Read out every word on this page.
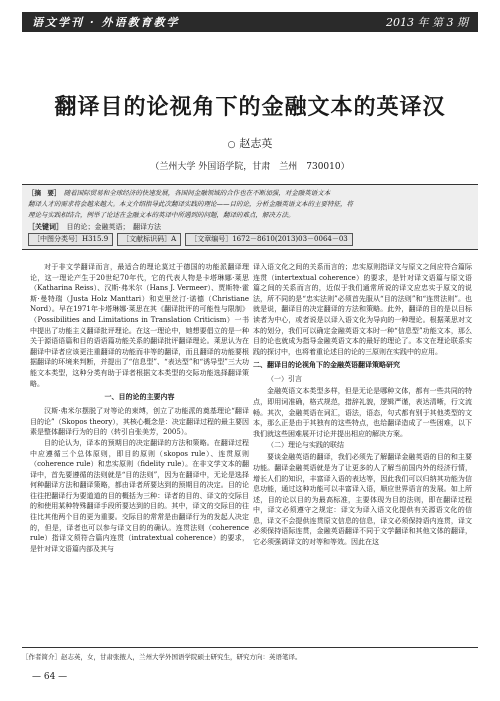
语文学刊 · 外语教育教学	2013 年 第 3 期
翻译目的论视角下的金融文本的英译汉
○ 赵志英
（兰州大学 外国语学院，甘肃　兰州　730010）
［摘　要］　 随着国际贸易和全球经济的快速发展，各国间金融领域的合作也在不断加强，对金融英语文本
翻译人才的需求将会越来越大。本文介绍指导此次翻译实践的理论——目的论，分析金融英语文本的主要特征，将
理论与实践相结合，例举了论述在金融文本的英译中所遇到的问题，翻译的难点，解决方法。
［关键词］　 目的论；金融英语；　翻译方法
［中图分类号］H315.9	［文献标识码］A	［文章编号］1672－8610(2013)03－0064－03

对于非文学翻译而言，最适合的理论莫过于德国的功能派翻译理论，这一理论产生于20世纪70年代，它的代表人物是卡塔琳娜·莱思（Katharina Reiss）、汉斯·弗米尔（Hans J. Vermeer）、贾斯特·霍斯·曼特瑞（Justa Holz Manttari）和克里丝汀·诺德（Christiane Nord）。早在1971年卡塔琳娜·莱思在其《翻译批评的可能性与限制》（Possibilities and Limitations in Translation Criticism）一书中提出了功能主义翻译批评理论。在这一理论中，她想要倡立的是一种关于源语语篇和目的语语篇功能关系的翻译批评翻译理论。莱思认为在翻译中译者应该更注重翻译的功能而非等的翻译，而且翻译的功能要根据翻译的环境来判断，并提出了“信息型”、“表达型”和“诱导型”三大功能文本类型，这种分类有助于译者根据文本类型的交际功能选择翻译策略。

一、目的论的主要内容

汉斯·弗米尔摆脱了对等论的束缚，创立了功能派的奠基理论“翻译目的论”（Skopos theory），其核心概念是：决定翻译过程的最主要因素是整体翻译行为的目的（转引自张美芳，2005）。

目的论认为，译本的预期目的决定翻译的方法和策略。在翻译过程中应遵循三个总体原则，即目的原则（skopos rule）、连贯原则（coherence rule）和忠实原则（fidelity rule）。在非文学文本的翻译中，首先要遵循的法则就是“目的法则”，因为在翻译中，无论是选择何种翻译方法和翻译策略，都由译者所要达到的预期目的决定。目的论往往把翻译行为要道道的目的概括为三种：译者的目的、译文的交际目的和使用某种特殊翻译手段所要达到的目的。其中，译文的交际目的往往比其他两个目的更为重要。交际目的常常是由翻译行为的发起人决定的，但是，译者也可以参与译文目的的确认。连贯法则（coherence rule）指译文须符合篇内连贯（intratextual coherence）的要求，是针对译文语篇内部及其与

译入语文化之间的关系而言的；忠实原则指译文与原文之间应符合篇际连贯（intertextual coherence）的要求，是针对译文语篇与原文语篇之间的关系而言的，近似于我们通常所说的译文应忠实于原文的说法，所不同的是“忠实法则”必须首先服从“目的法则”和“连贯法则”。也就是说，翻译目的决定翻译的方法和策略。此外，翻译的目的是以目标读者为中心，或者说是以译入语文化为导向的一种理论。根据莱思对文本的划分，我们可以确定金融英语文本时一种“信息型”功能文本，那么目的论也就成为指导金融英语文本的最好的理论了。本文在理论联系实践的探讨中，也将着重论述目的论的三原则在实践中的应用。

二、翻译目的论视角下的金融英语翻译策略研究
（一）引言

金融英语文本类型多样，但是无论是哪种文体，都有一些共同的特点，即用词准确，格式规范，措辞礼貌，逻辑严谨，表达清晰，行文流畅。其次，金融英语在词汇，语法，语态，句式都有别于其他类型的文本，那么正是由于其独有的这些特点，也给翻译造成了一些困难，以下我们就这些困难展开讨论并提出相应的解决方案。

（二）理论与实践的联结

要谈金融英语的翻译，我们必须先了解翻译金融英语的目的和主要功能。翻译金融英语就是为了让更多的人了解当前国内外的经济行情，增长人们的知识，丰富译入语的表达等，因此我们可以归纳其功能为信息功能，通过这种功能可以丰富译入语，顺应世界语言的发展。如上所述，目的论以目的为最高标准，主要体现为目的法则，即在翻译过程中，译文必须遵守之规定：译文为译入语文化提供有关源语文化的信息，译文不会提供连贯原文信息的信息，译文必须保持语内连贯，译文必须保持语际连贯，金融英语翻译不同于文学翻译和其他文体的翻译，它必须强调译文的对等和等效。因此在这

［作者简介］赵志英，女，甘肃张掖人，兰州大学外国语学院硕士研究生，研究方向：英语笔译。
— 64 —
